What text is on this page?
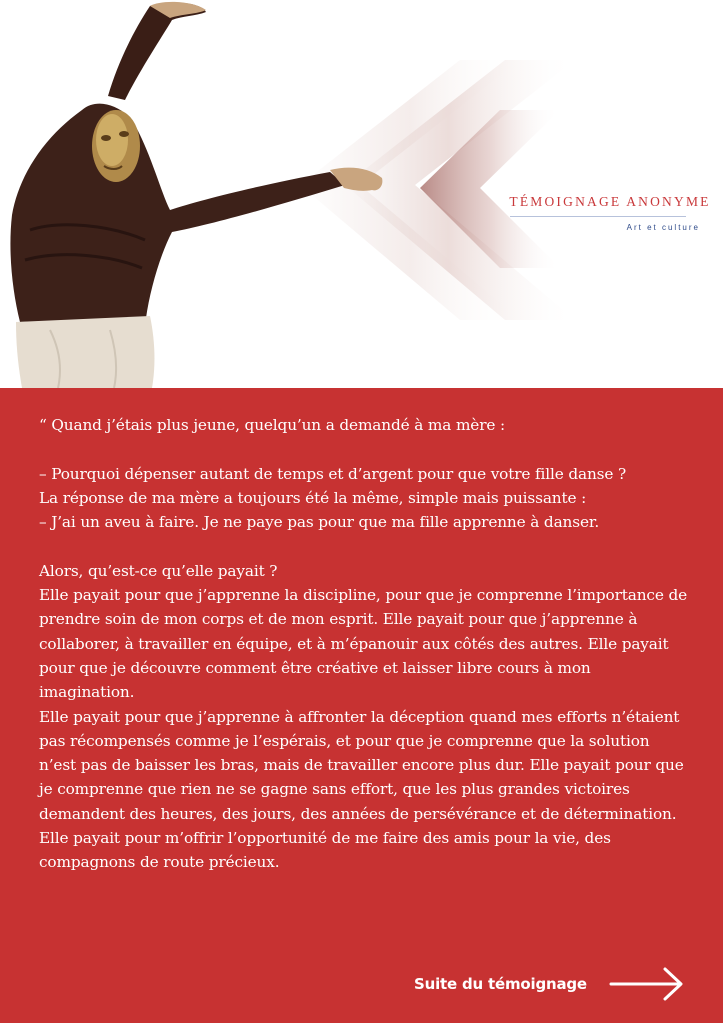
TÉMOIGNAGE ANONYME
Art et culture

“ Quand j’étais plus jeune, quelqu’un a demandé à ma mère :

– Pourquoi dépenser autant de temps et d’argent pour que votre fille danse ?

La réponse de ma mère a toujours été la même, simple mais puissante :

– J’ai un aveu à faire. Je ne paye pas pour que ma fille apprenne à danser.

Alors, qu’est-ce qu’elle payait ?

Elle payait pour que j’apprenne la discipline, pour que je comprenne l’importance de prendre soin de mon corps et de mon esprit. Elle payait pour que j’apprenne à collaborer, à travailler en équipe, et à m’épanouir aux côtés des autres. Elle payait pour que je découvre comment être créative et laisser libre cours à mon imagination.

Elle payait pour que j’apprenne à affronter la déception quand mes efforts n’étaient pas récompensés comme je l’espérais, et pour que je comprenne que la solution n’est pas de baisser les bras, mais de travailler encore plus dur. Elle payait pour que je comprenne que rien ne se gagne sans effort, que les plus grandes victoires demandent des heures, des jours, des années de persévérance et de détermination.

Elle payait pour m’offrir l’opportunité de me faire des amis pour la vie, des compagnons de route précieux.

Suite du témoignage
